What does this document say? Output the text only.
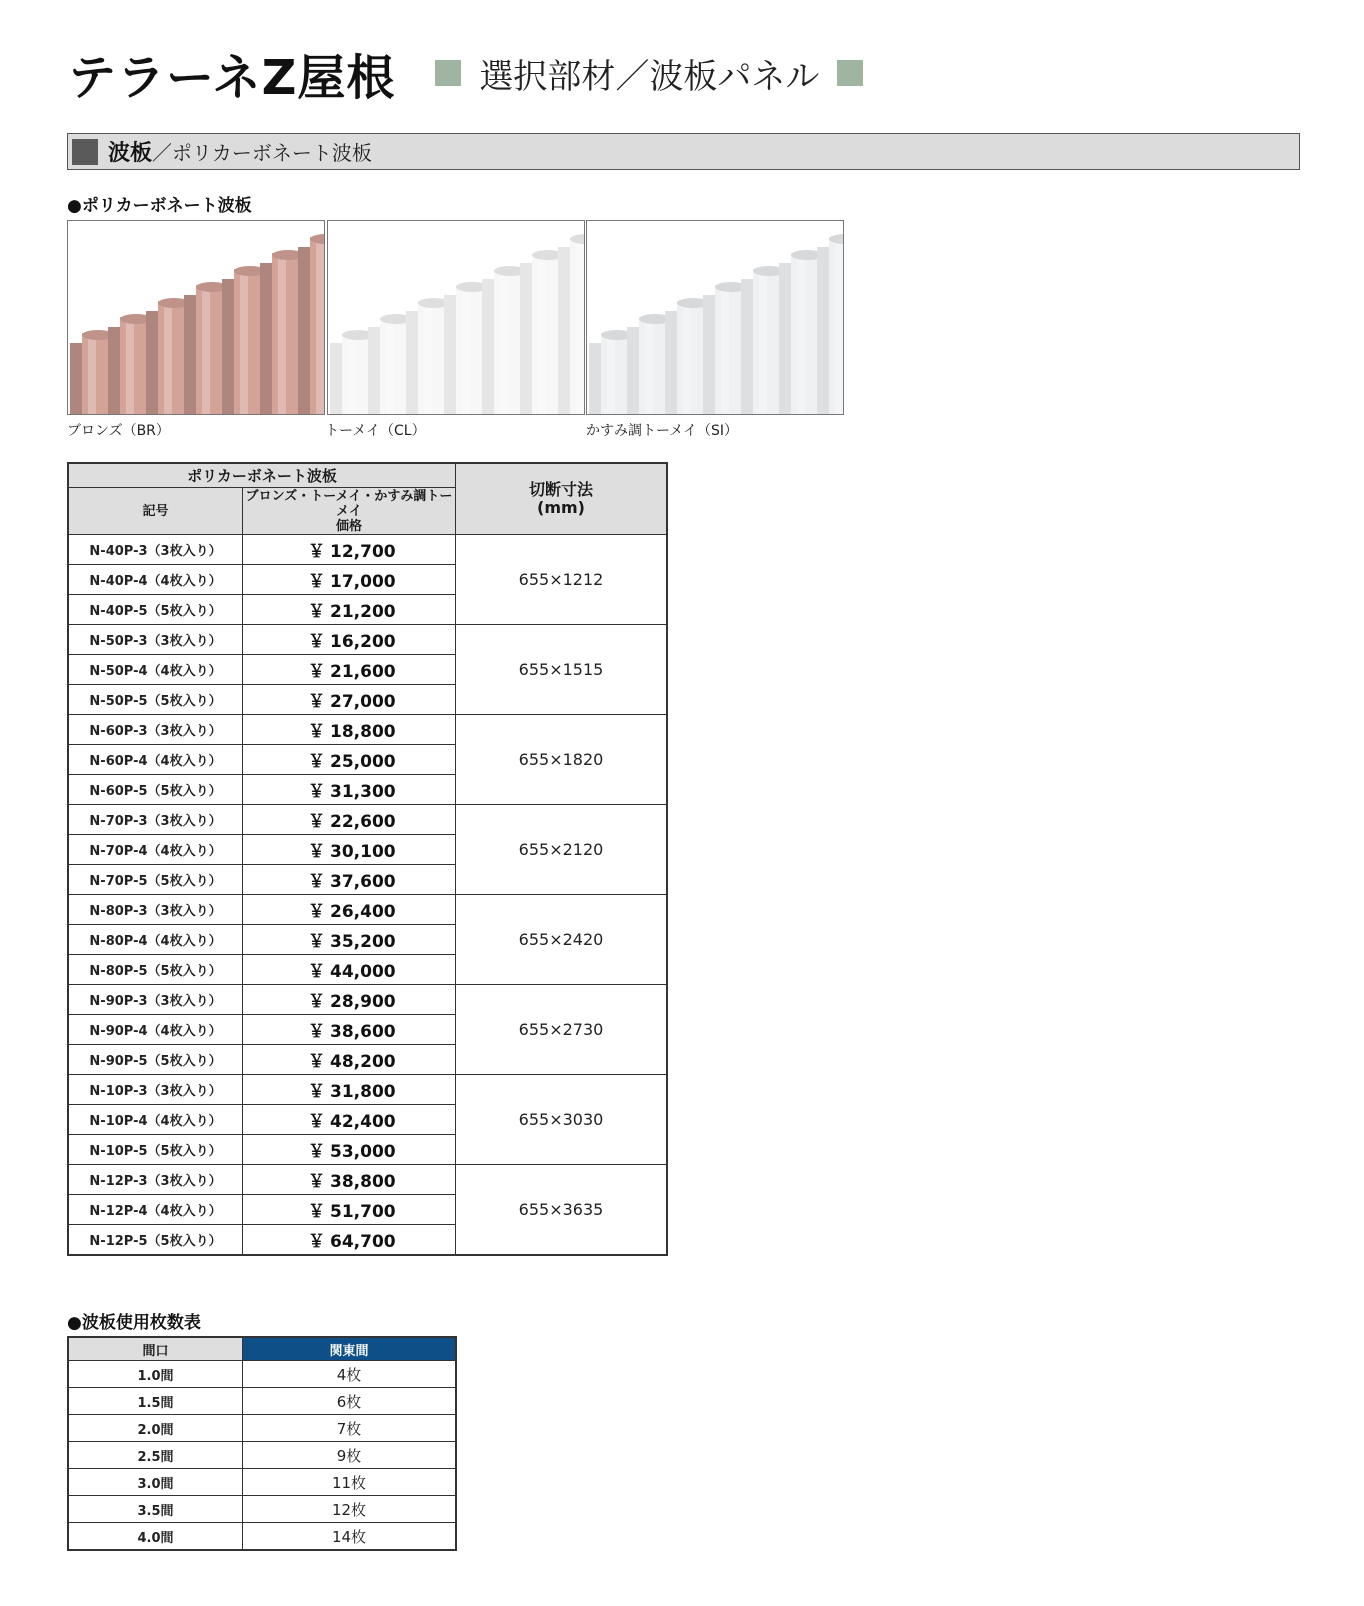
テラーネZ屋根 選択部材／波板パネル
波板 ／ポリカーボネート波板
●ポリカーボネート波板
ブロンズ（BR）	トーメイ（CL）	かすみ調トーメイ（SI）
ポリカーボネート波板		切断寸法
(mm)

記号	ブロンズ・トーメイ・かすみ調トーメイ
価格	

N-40P-3（3枚入り）	￥ 12,700	655×1212
N-40P-4（4枚入り）	￥ 17,000	
N-40P-5（5枚入り）	￥ 21,200	
N-50P-3（3枚入り）	￥ 16,200	655×1515
N-50P-4（4枚入り）	￥ 21,600	
N-50P-5（5枚入り）	￥ 27,000	
N-60P-3（3枚入り）	￥ 18,800	655×1820
N-60P-4（4枚入り）	￥ 25,000	
N-60P-5（5枚入り）	￥ 31,300	
N-70P-3（3枚入り）	￥ 22,600	655×2120
N-70P-4（4枚入り）	￥ 30,100	
N-70P-5（5枚入り）	￥ 37,600	
N-80P-3（3枚入り）	￥ 26,400	655×2420
N-80P-4（4枚入り）	￥ 35,200	
N-80P-5（5枚入り）	￥ 44,000	
N-90P-3（3枚入り）	￥ 28,900	655×2730
N-90P-4（4枚入り）	￥ 38,600	
N-90P-5（5枚入り）	￥ 48,200	
N-10P-3（3枚入り）	￥ 31,800	655×3030
N-10P-4（4枚入り）	￥ 42,400	
N-10P-5（5枚入り）	￥ 53,000	
N-12P-3（3枚入り）	￥ 38,800	655×3635
N-12P-4（4枚入り）	￥ 51,700	
N-12P-5（5枚入り）	￥ 64,700	
●波板使用枚数表
間口	関東間
1.0間	4枚
1.5間	6枚
2.0間	7枚
2.5間	9枚
3.0間	11枚
3.5間	12枚
4.0間	14枚
